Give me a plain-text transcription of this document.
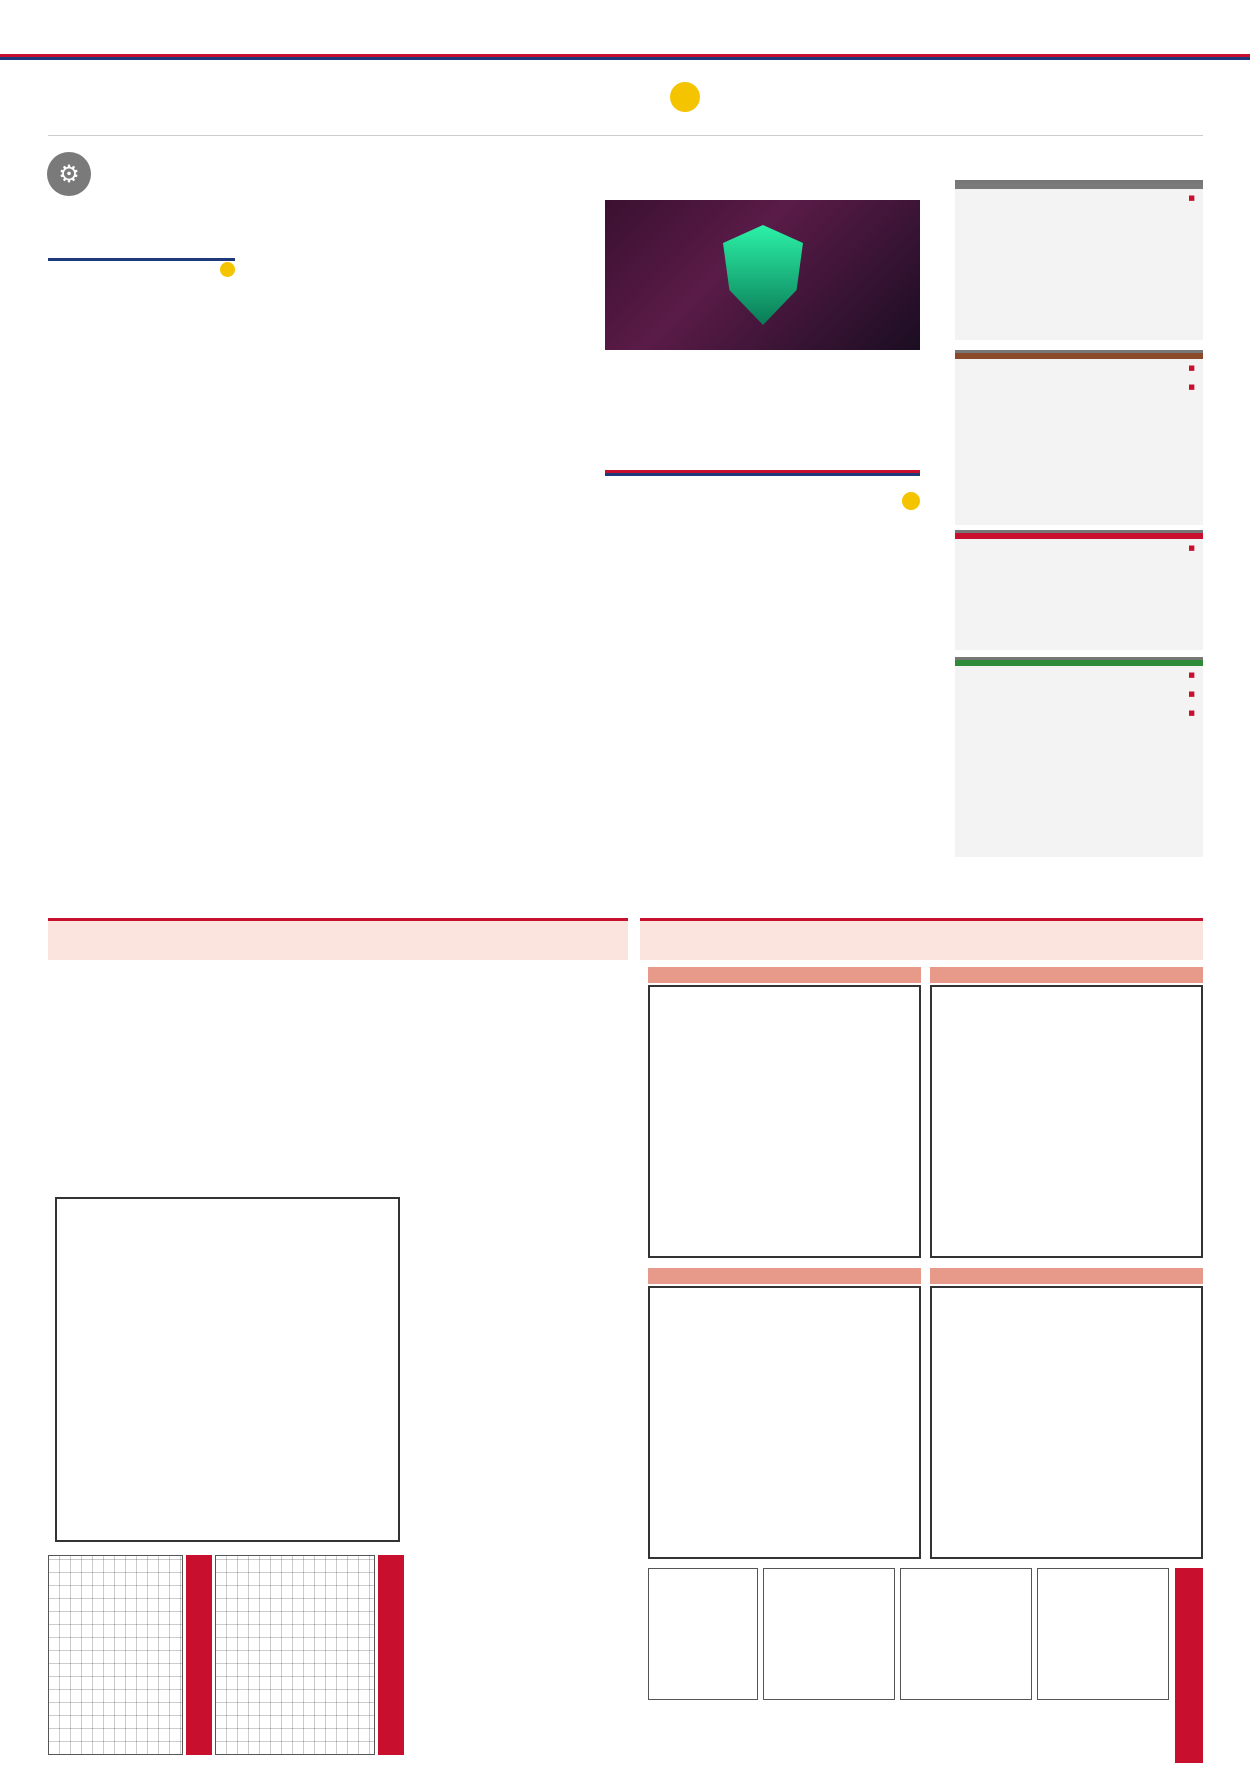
■

■

■

■

■

■

■

⚙
